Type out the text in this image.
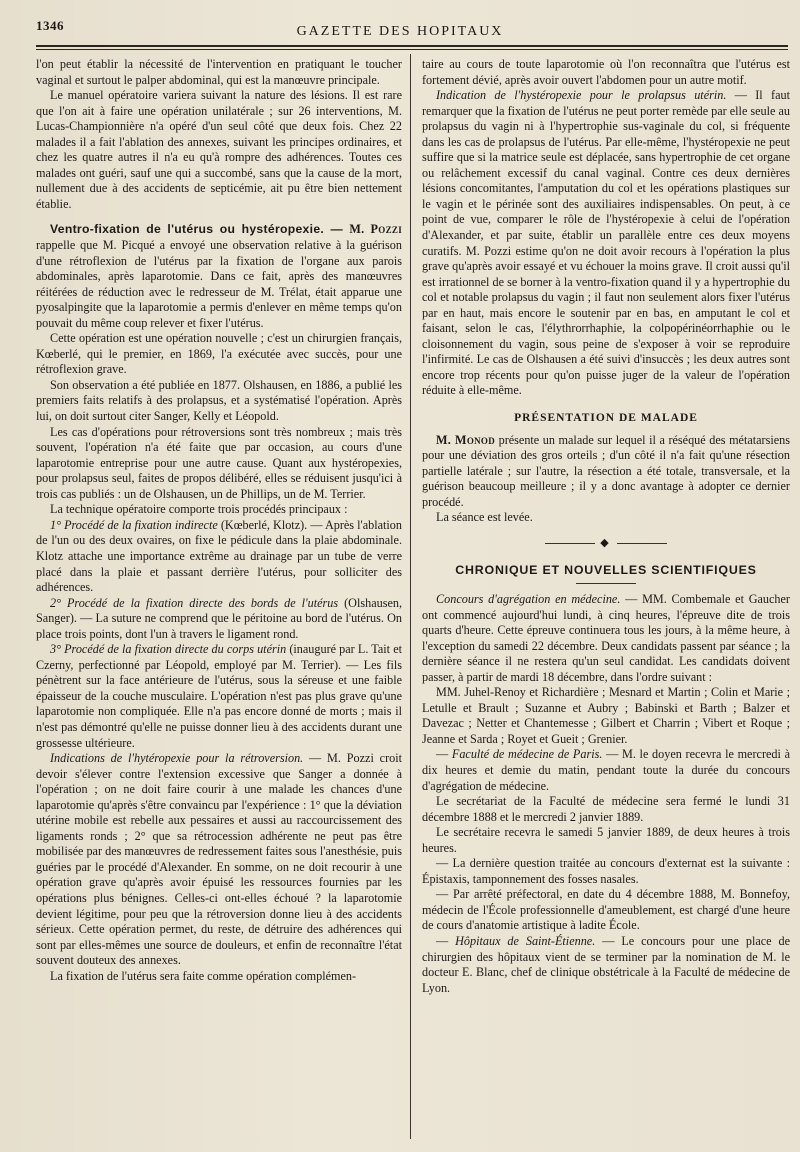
1346	GAZETTE DES HOPITAUX

l'on peut établir la nécessité de l'intervention en pratiquant le toucher vaginal et surtout le palper abdominal, qui est la manœuvre principale.

Le manuel opératoire variera suivant la nature des lésions. Il est rare que l'on ait à faire une opération unilatérale ; sur 26 interventions, M. Lucas-Championnière n'a opéré d'un seul côté que deux fois. Chez 22 malades il a fait l'ablation des annexes, suivant les principes ordinaires, et chez les quatre autres il n'a eu qu'à rompre des adhérences. Toutes ces malades ont guéri, sauf une qui a succombé, sans que la cause de la mort, nullement due à des accidents de septicémie, ait pu être bien nettement établie.

Ventro-fixation de l'utérus ou hystéropexie. — M. Pozzi rappelle que M. Picqué a envoyé une observation relative à la guérison d'une rétroflexion de l'utérus par la fixation de l'organe aux parois abdominales, après laparotomie. Dans ce fait, après des manœuvres réitérées de réduction avec le redresseur de M. Trélat, était apparue une pyosalpingite que la laparotomie a permis d'enlever en même temps qu'on pouvait du même coup relever et fixer l'utérus.

Cette opération est une opération nouvelle ; c'est un chirurgien français, Kœberlé, qui le premier, en 1869, l'a exécutée avec succès, pour une rétroflexion grave.

Son observation a été publiée en 1877. Olshausen, en 1886, a publié les premiers faits relatifs à des prolapsus, et a systématisé l'opération. Après lui, on doit surtout citer Sanger, Kelly et Léopold.

Les cas d'opérations pour rétroversions sont très nombreux ; mais très souvent, l'opération n'a été faite que par occasion, au cours d'une laparotomie entreprise pour une autre cause. Quant aux hystéropexies, pour prolapsus seul, faites de propos délibéré, elles se réduisent jusqu'ici à trois cas publiés : un de Olshausen, un de Phillips, un de M. Terrier.

La technique opératoire comporte trois procédés principaux :

1° Procédé de la fixation indirecte (Kœberlé, Klotz). — Après l'ablation de l'un ou des deux ovaires, on fixe le pédicule dans la plaie abdominale. Klotz attache une importance extrême au drainage par un tube de verre placé dans la plaie et passant derrière l'utérus, pour solliciter des adhérences.

2° Procédé de la fixation directe des bords de l'utérus (Olshausen, Sanger). — La suture ne comprend que le péritoine au bord de l'utérus. On place trois points, dont l'un à travers le ligament rond.

3° Procédé de la fixation directe du corps utérin (inauguré par L. Tait et Czerny, perfectionné par Léopold, employé par M. Terrier). — Les fils pénètrent sur la face antérieure de l'utérus, sous la séreuse et une faible épaisseur de la couche musculaire. L'opération n'est pas plus grave qu'une laparotomie non compliquée. Elle n'a pas encore donné de morts ; mais il n'est pas démontré qu'elle ne puisse donner lieu à des accidents durant une grossesse ultérieure.

Indications de l'hytéropexie pour la rétroversion. — M. Pozzi croit devoir s'élever contre l'extension excessive que Sanger a donnée à l'opération ; on ne doit faire courir à une malade les chances d'une laparotomie qu'après s'être convaincu par l'expérience : 1° que la déviation utérine mobile est rebelle aux pessaires et aussi au raccourcissement des ligaments ronds ; 2° que sa rétrocession adhérente ne peut pas être mobilisée par des manœuvres de redressement faites sous l'anesthésie, puis guéries par le procédé d'Alexander. En somme, on ne doit recourir à une opération grave qu'après avoir épuisé les ressources fournies par les opérations plus bénignes. Celles-ci ont-elles échoué ? la laparotomie devient légitime, pour peu que la rétroversion donne lieu à des accidents sérieux. Cette opération permet, du reste, de détruire des adhérences qui sont par elles-mêmes une source de douleurs, et enfin de reconnaître l'état souvent douteux des annexes.

La fixation de l'utérus sera faite comme opération complémen-

taire au cours de toute laparotomie où l'on reconnaîtra que l'utérus est fortement dévié, après avoir ouvert l'abdomen pour un autre motif.

Indication de l'hystéropexie pour le prolapsus utérin. — Il faut remarquer que la fixation de l'utérus ne peut porter remède par elle seule au prolapsus du vagin ni à l'hypertrophie sus-vaginale du col, si fréquente dans les cas de prolapsus de l'utérus. Par elle-même, l'hystéropexie ne peut suffire que si la matrice seule est déplacée, sans hypertrophie de cet organe ou relâchement excessif du canal vaginal. Contre ces deux dernières lésions concomitantes, l'amputation du col et les opérations plastiques sur le vagin et le périnée sont des auxiliaires indispensables. On peut, à ce point de vue, comparer le rôle de l'hystéropexie à celui de l'opération d'Alexander, et par suite, établir un parallèle entre ces deux moyens curatifs. M. Pozzi estime qu'on ne doit avoir recours à l'opération la plus grave qu'après avoir essayé et vu échouer la moins grave. Il croit aussi qu'il est irrationnel de se borner à la ventro-fixation quand il y a hypertrophie du col et notable prolapsus du vagin ; il faut non seulement alors fixer l'utérus par en haut, mais encore le soutenir par en bas, en amputant le col et faisant, selon le cas, l'élythrorrhaphie, la colpopérinéorrhaphie ou le cloisonnement du vagin, sous peine de s'exposer à voir se reproduire l'infirmité. Le cas de Olshausen a été suivi d'insuccès ; les deux autres sont encore trop récents pour qu'on puisse juger de la valeur de l'opération réduite à elle-même.

PRÉSENTATION DE MALADE

M. Monod présente un malade sur lequel il a réséqué des métatarsiens pour une déviation des gros orteils ; d'un côté il n'a fait qu'une résection partielle latérale ; sur l'autre, la résection a été totale, transversale, et la guérison beaucoup meilleure ; il y a donc avantage à adopter ce dernier procédé.

La séance est levée.

◆
CHRONIQUE ET NOUVELLES SCIENTIFIQUES

Concours d'agrégation en médecine. — MM. Combemale et Gaucher ont commencé aujourd'hui lundi, à cinq heures, l'épreuve dite de trois quarts d'heure. Cette épreuve continuera tous les jours, à la même heure, à l'exception du samedi 22 décembre. Deux candidats passent par séance ; la dernière séance il ne restera qu'un seul candidat. Les candidats doivent passer, à partir de mardi 18 décembre, dans l'ordre suivant :

MM. Juhel-Renoy et Richardière ; Mesnard et Martin ; Colin et Marie ; Letulle et Brault ; Suzanne et Aubry ; Babinski et Barth ; Balzer et Davezac ; Netter et Chantemesse ; Gilbert et Charrin ; Vibert et Roque ; Jeanne et Sarda ; Royet et Gueit ; Grenier.

— Faculté de médecine de Paris. — M. le doyen recevra le mercredi à dix heures et demie du matin, pendant toute la durée du concours d'agrégation de médecine.

Le secrétariat de la Faculté de médecine sera fermé le lundi 31 décembre 1888 et le mercredi 2 janvier 1889.

Le secrétaire recevra le samedi 5 janvier 1889, de deux heures à trois heures.

— La dernière question traitée au concours d'externat est la suivante : Épistaxis, tamponnement des fosses nasales.

— Par arrêté préfectoral, en date du 4 décembre 1888, M. Bonnefoy, médecin de l'École professionnelle d'ameublement, est chargé d'une heure de cours d'anatomie artistique à ladite École.

— Hôpitaux de Saint-Étienne. — Le concours pour une place de chirurgien des hôpitaux vient de se terminer par la nomination de M. le docteur E. Blanc, chef de clinique obstétricale à la Faculté de médecine de Lyon.
